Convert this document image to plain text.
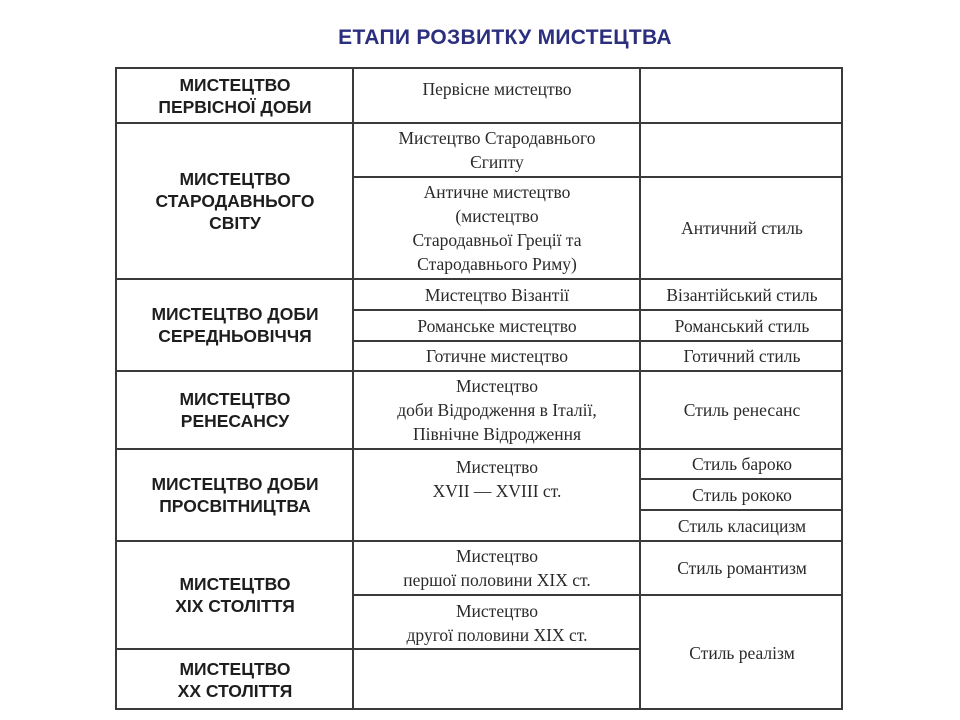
ЕТАПИ РОЗВИТКУ МИСТЕЦТВА
МИСТЕЦТВО
ПЕРВІСНОЇ ДОБИ
МИСТЕЦТВО
СТАРОДАВНЬОГО
СВІТУ
МИСТЕЦТВО ДОБИ
СЕРЕДНЬОВІЧЧЯ
МИСТЕЦТВО
РЕНЕСАНСУ
МИСТЕЦТВО ДОБИ
ПРОСВІТНИЦТВА
МИСТЕЦТВО
XIX СТОЛІТТЯ
МИСТЕЦТВО
XX СТОЛІТТЯ
Первісне мистецтво
Мистецтво Стародавнього
Єгипту
Античне мистецтво
(мистецтво
Стародавньої Греції та
Стародавнього Риму)
Мистецтво Візантії
Романське мистецтво
Готичне мистецтво
Мистецтво
доби Відродження в Італії,
Північне Відродження
Мистецтво
XVII — XVIII ст.
Мистецтво
першої половини XIX ст.
Мистецтво
другої половини XIX ст.
Античний стиль
Візантійський стиль
Романський стиль
Готичний стиль
Стиль ренесанс
Стиль бароко
Стиль рококо
Стиль класицизм
Стиль романтизм
Стиль реалізм
